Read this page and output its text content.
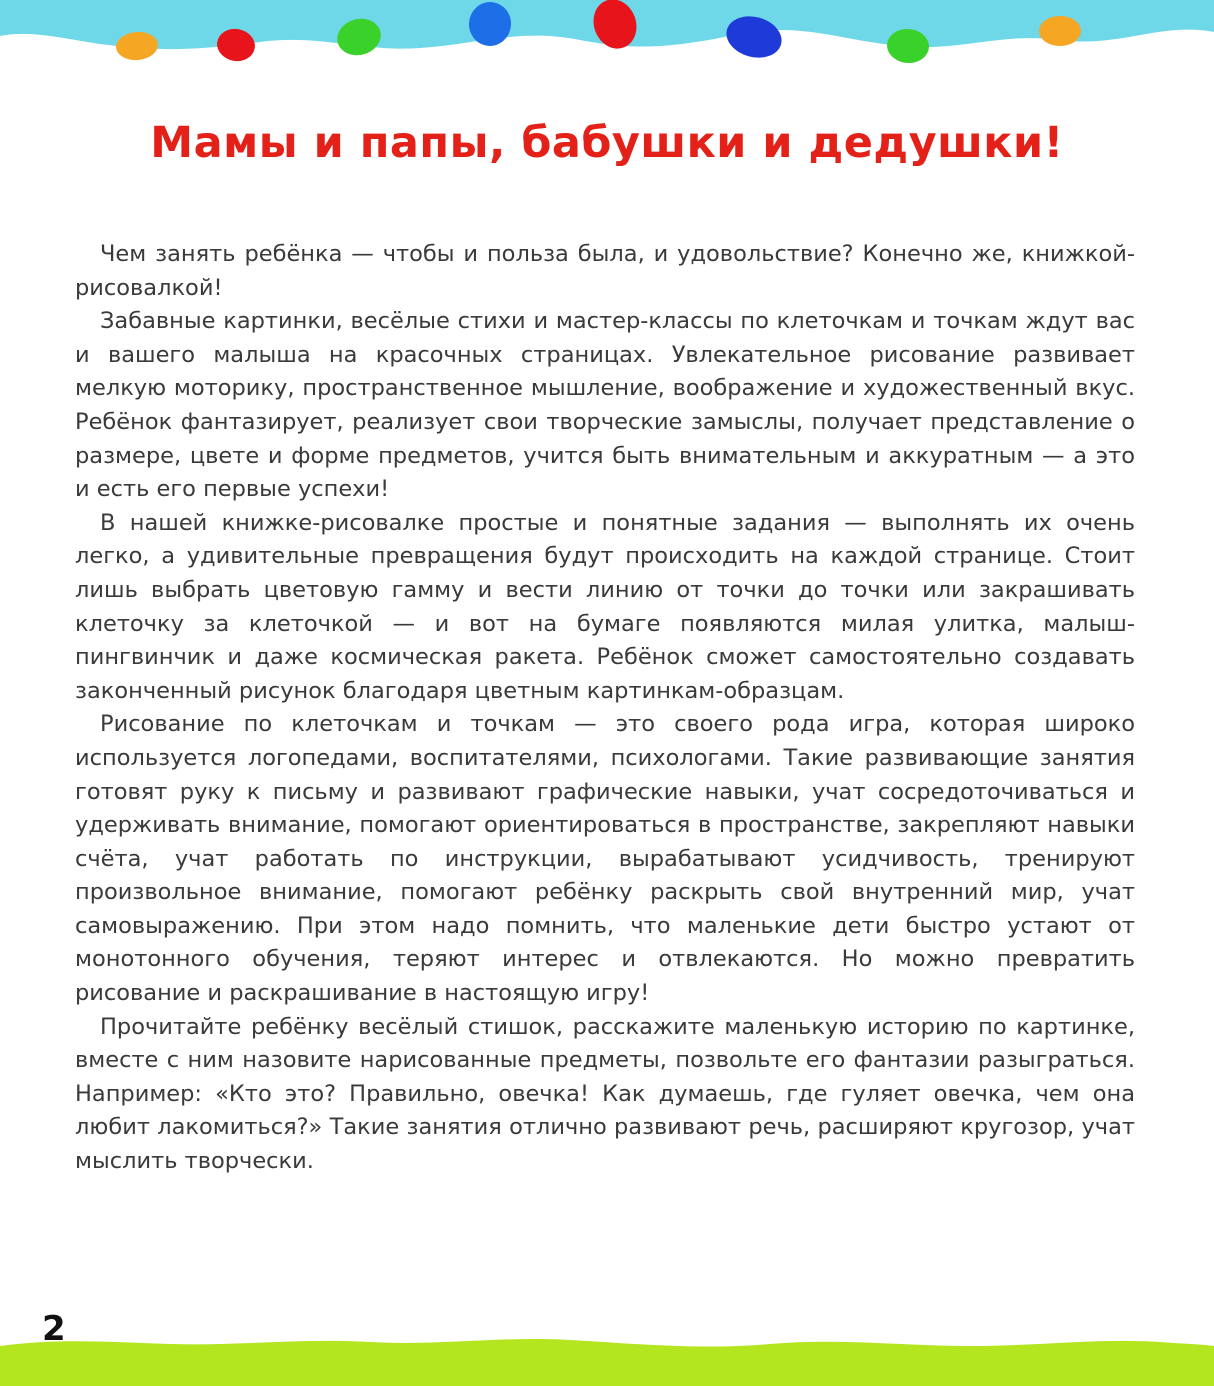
Мамы и папы, бабушки и дедушки!

Чем занять ребёнка — чтобы и польза была, и удовольствие? Конечно же, книжкой-рисовалкой!

Забавные картинки, весёлые стихи и мастер-классы по клеточкам и точкам ждут вас и вашего малыша на красочных страницах. Увлекательное рисование развивает мелкую моторику, пространственное мышление, воображение и художественный вкус. Ребёнок фантазирует, реализует свои творческие замыслы, получает представление о размере, цвете и форме предметов, учится быть внимательным и аккуратным — а это и есть его первые успехи!

В нашей книжке-рисовалке простые и понятные задания — выполнять их очень легко, а удивительные превращения будут происходить на каждой странице. Стоит лишь выбрать цветовую гамму и вести линию от точки до точки или закрашивать клеточку за клеточкой — и вот на бумаге появляются милая улитка, малыш-пингвинчик и даже космическая ракета. Ребёнок сможет самостоятельно создавать законченный рисунок благодаря цветным картинкам-образцам.

Рисование по клеточкам и точкам — это своего рода игра, которая широко используется логопедами, воспитателями, психологами. Такие развивающие занятия готовят руку к письму и развивают графические навыки, учат сосредоточиваться и удерживать внимание, помогают ориентироваться в пространстве, закрепляют навыки счёта, учат работать по инструкции, вырабатывают усидчивость, тренируют произвольное внимание, помогают ребёнку раскрыть свой внутренний мир, учат самовыражению. При этом надо помнить, что маленькие дети быстро устают от монотонного обучения, теряют интерес и отвлекаются. Но можно превратить рисование и раскрашивание в настоящую игру!

Прочитайте ребёнку весёлый стишок, расскажите маленькую историю по картинке, вместе с ним назовите нарисованные предметы, позвольте его фантазии разыграться. Например: «Кто это? Правильно, овечка! Как думаешь, где гуляет овечка, чем она любит лакомиться?» Такие занятия отлично развивают речь, расширяют кругозор, учат мыслить творчески.

2
